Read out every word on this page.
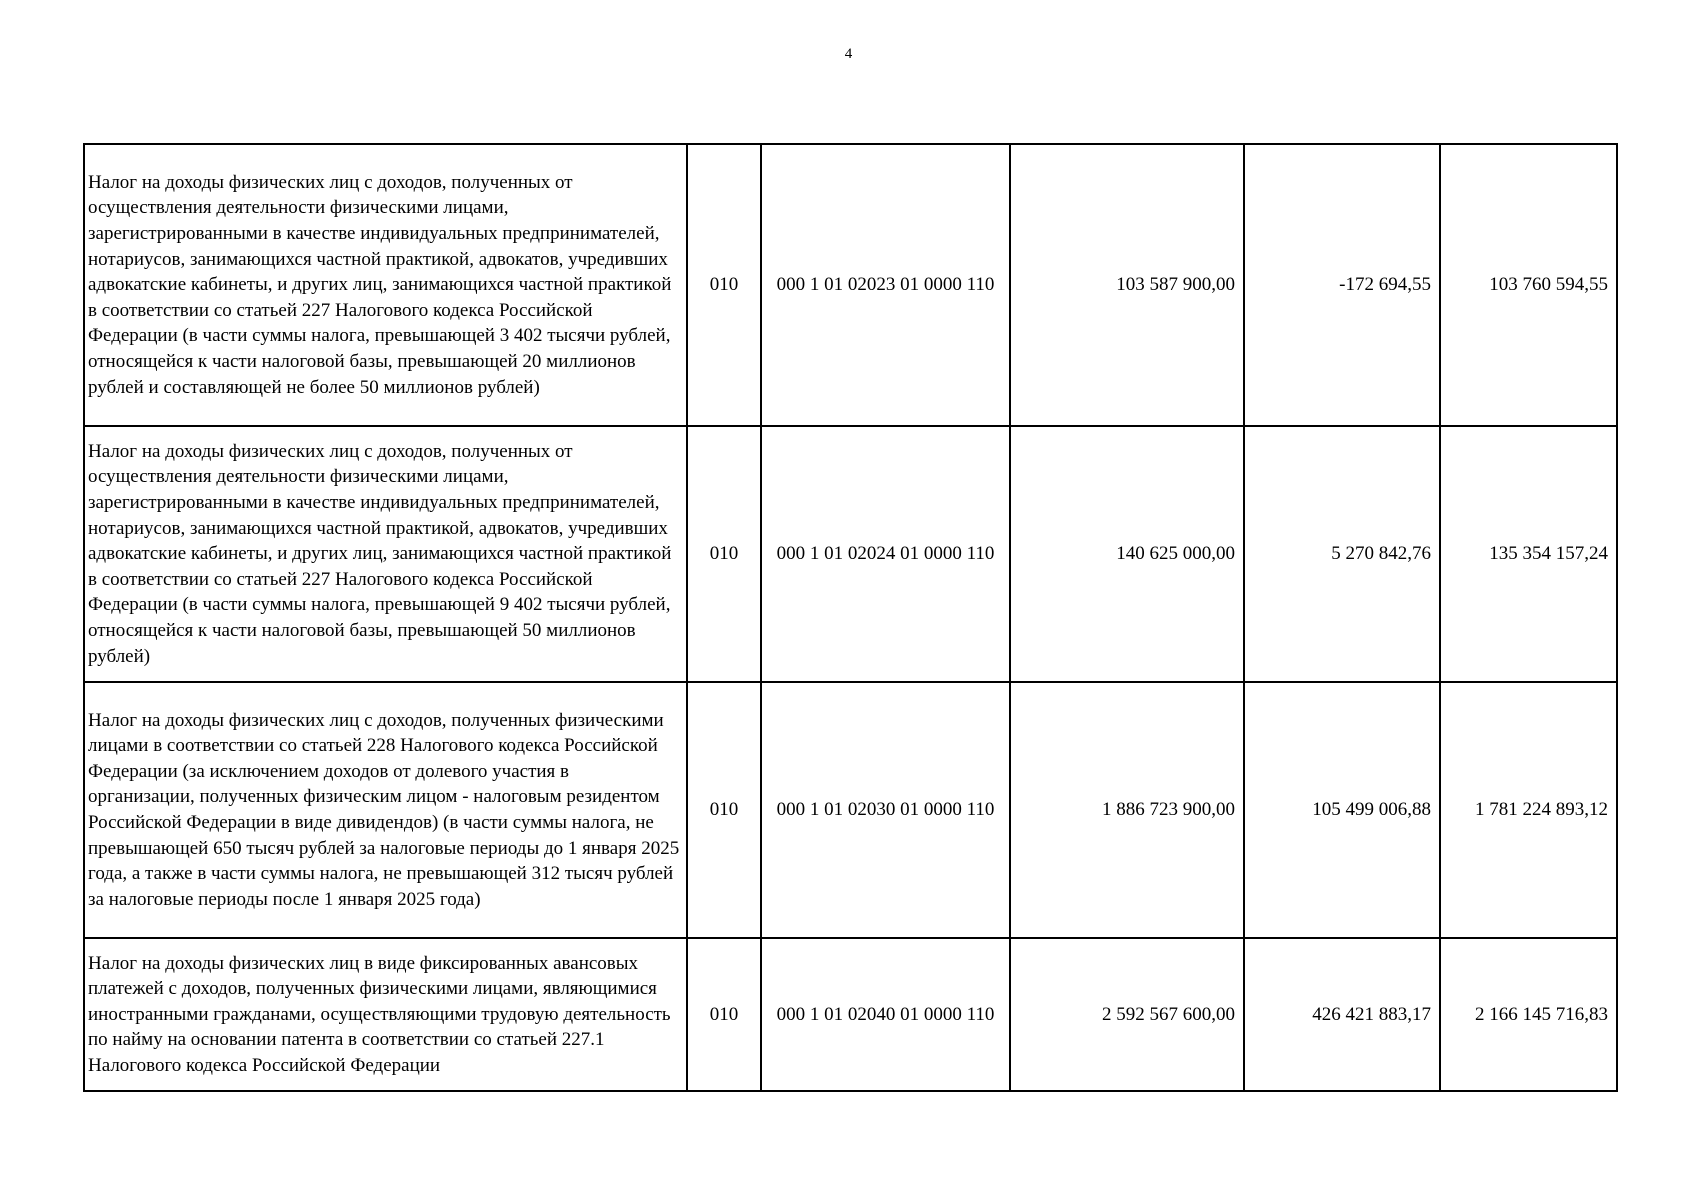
4
Налог на доходы физических лиц с доходов, полученных от осуществления деятельности физическими лицами, зарегистрированными в качестве индивидуальных предпринимателей, нотариусов, занимающихся частной практикой, адвокатов, учредивших адвокатские кабинеты, и других лиц, занимающихся частной практикой в соответствии со статьей 227 Налогового кодекса Российской Федерации (в части суммы налога, превышающей 3 402 тысячи рублей, относящейся к части налоговой базы, превышающей 20 миллионов рублей и составляющей не более 50 миллионов рублей)	010	000 1 01 02023 01 0000 110	103 587 900,00	-172 694,55	103 760 594,55
Налог на доходы физических лиц с доходов, полученных от осуществления деятельности физическими лицами, зарегистрированными в качестве индивидуальных предпринимателей, нотариусов, занимающихся частной практикой, адвокатов, учредивших адвокатские кабинеты, и других лиц, занимающихся частной практикой в соответствии со статьей 227 Налогового кодекса Российской Федерации (в части суммы налога, превышающей 9 402 тысячи рублей, относящейся к части налоговой базы, превышающей 50 миллионов рублей)	010	000 1 01 02024 01 0000 110	140 625 000,00	5 270 842,76	135 354 157,24
Налог на доходы физических лиц с доходов, полученных физическими лицами в соответствии со статьей 228 Налогового кодекса Российской Федерации (за исключением доходов от долевого участия в организации, полученных физическим лицом - налоговым резидентом Российской Федерации в виде дивидендов) (в части суммы налога, не превышающей 650 тысяч рублей за налоговые периоды до 1 января 2025 года, а также в части суммы налога, не превышающей 312 тысяч рублей за налоговые периоды после 1 января 2025 года)	010	000 1 01 02030 01 0000 110	1 886 723 900,00	105 499 006,88	1 781 224 893,12
Налог на доходы физических лиц в виде фиксированных авансовых платежей с доходов, полученных физическими лицами, являющимися иностранными гражданами, осуществляющими трудовую деятельность по найму на основании патента в соответствии со статьей 227.1 Налогового кодекса Российской Федерации	010	000 1 01 02040 01 0000 110	2 592 567 600,00	426 421 883,17	2 166 145 716,83
